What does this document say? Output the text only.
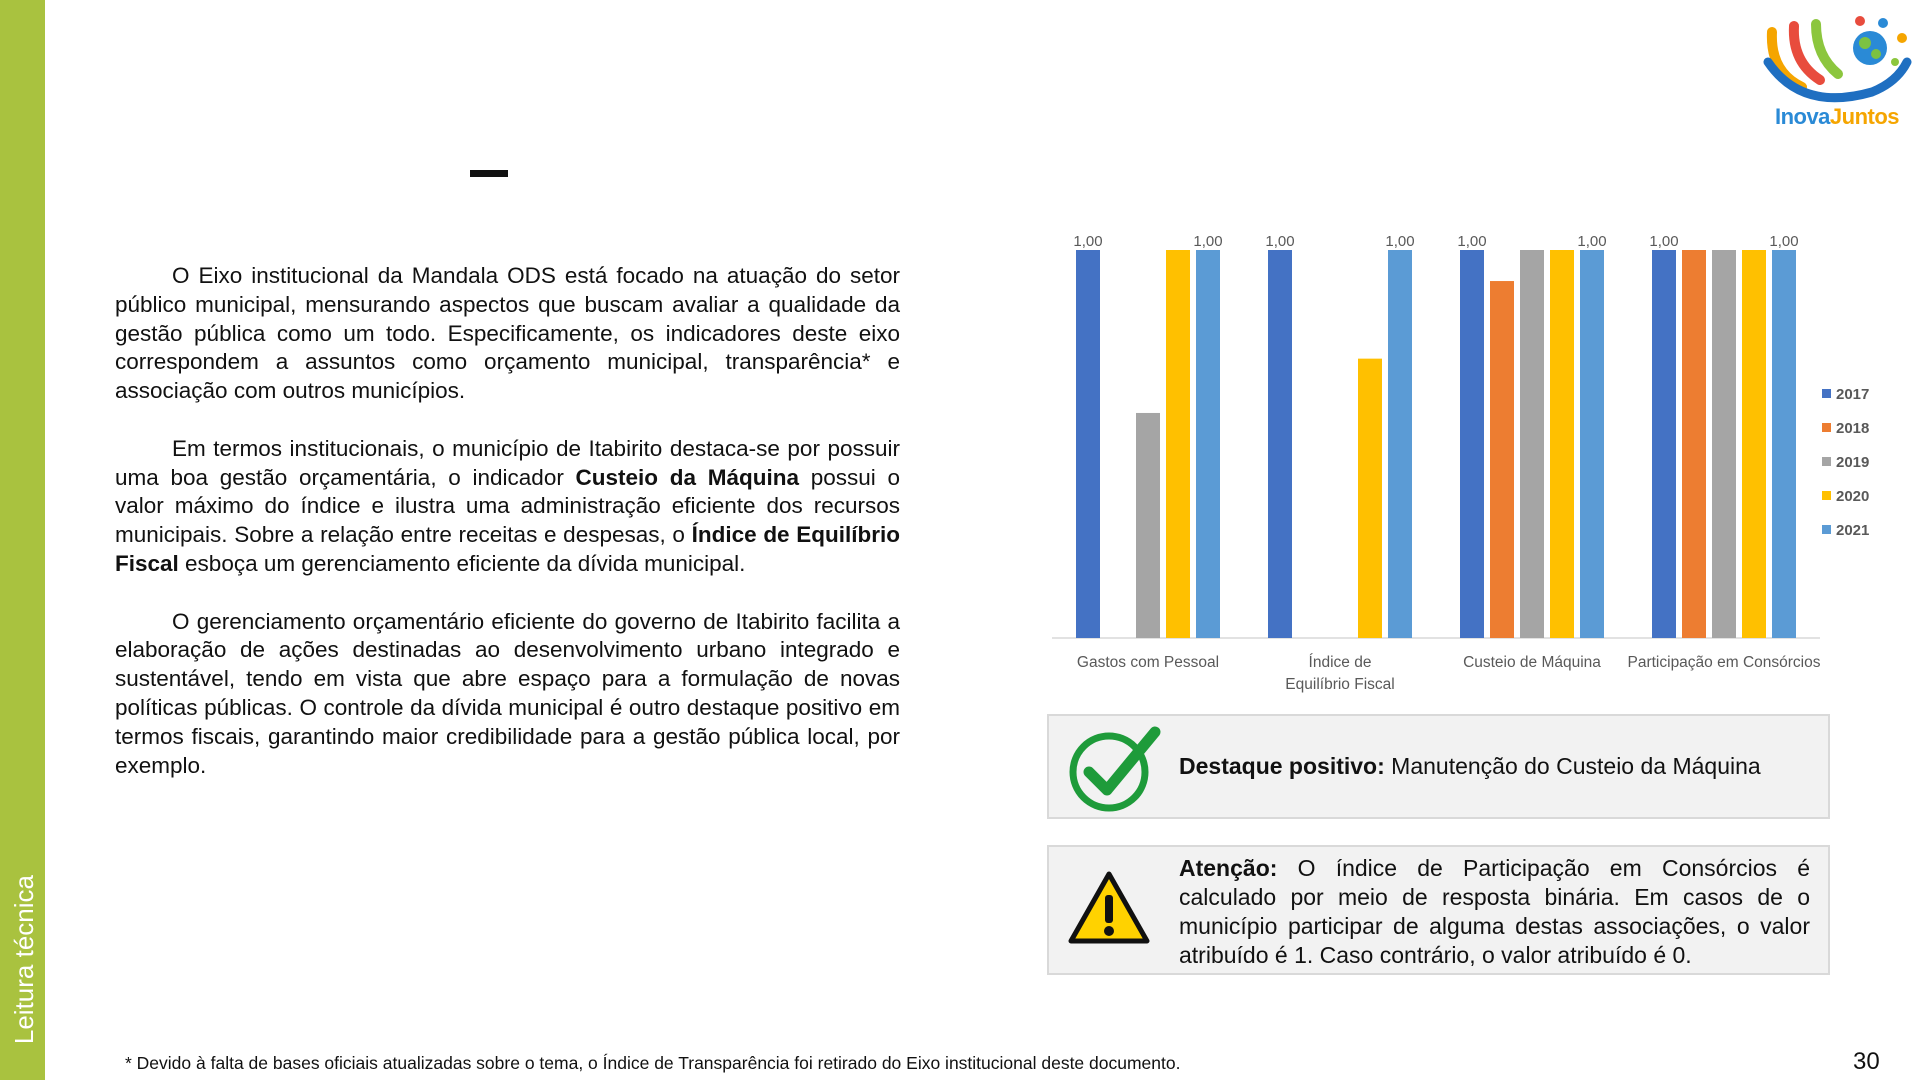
Leitura técnica
InovaJuntos

O Eixo institucional da Mandala ODS está focado na atuação do setor público municipal, mensurando aspectos que buscam avaliar a qualidade da gestão pública como um todo. Especificamente, os indicadores deste eixo correspondem a assuntos como orçamento municipal, transparência* e associação com outros municípios.

Em termos institucionais, o município de Itabirito destaca-se por possuir uma boa gestão orçamentária, o indicador Custeio da Máquina possui o valor máximo do índice e ilustra uma administração eficiente dos recursos municipais. Sobre a relação entre receitas e despesas, o Índice de Equilíbrio Fiscal esboça um gerenciamento eficiente da dívida municipal.

O gerenciamento orçamentário eficiente do governo de Itabirito facilita a elaboração de ações destinadas ao desenvolvimento urbano integrado e sustentável, tendo em vista que abre espaço para a formulação de novas políticas públicas. O controle da dívida municipal é outro destaque positivo em termos fiscais, garantindo maior credibilidade para a gestão pública local, por exemplo.

Gastos com Pessoal	Índice de
Equilíbrio Fiscal
Custeio de Máquina Participação em Consórcios
1,00	1,00	1,00	1,00	1,00	1,00	1,00	1,00
2017
2018
2019
2020
2021
Destaque positivo: Manutenção do Custeio da Máquina
Atenção: O índice de Participação em Consórcios é calculado por meio de resposta binária. Em casos de o município participar de alguma destas associações, o valor atribuído é 1. Caso contrário, o valor atribuído é 0.
* Devido à falta de bases oficiais atualizadas sobre o tema, o Índice de Transparência foi retirado do Eixo institucional deste documento.	30
